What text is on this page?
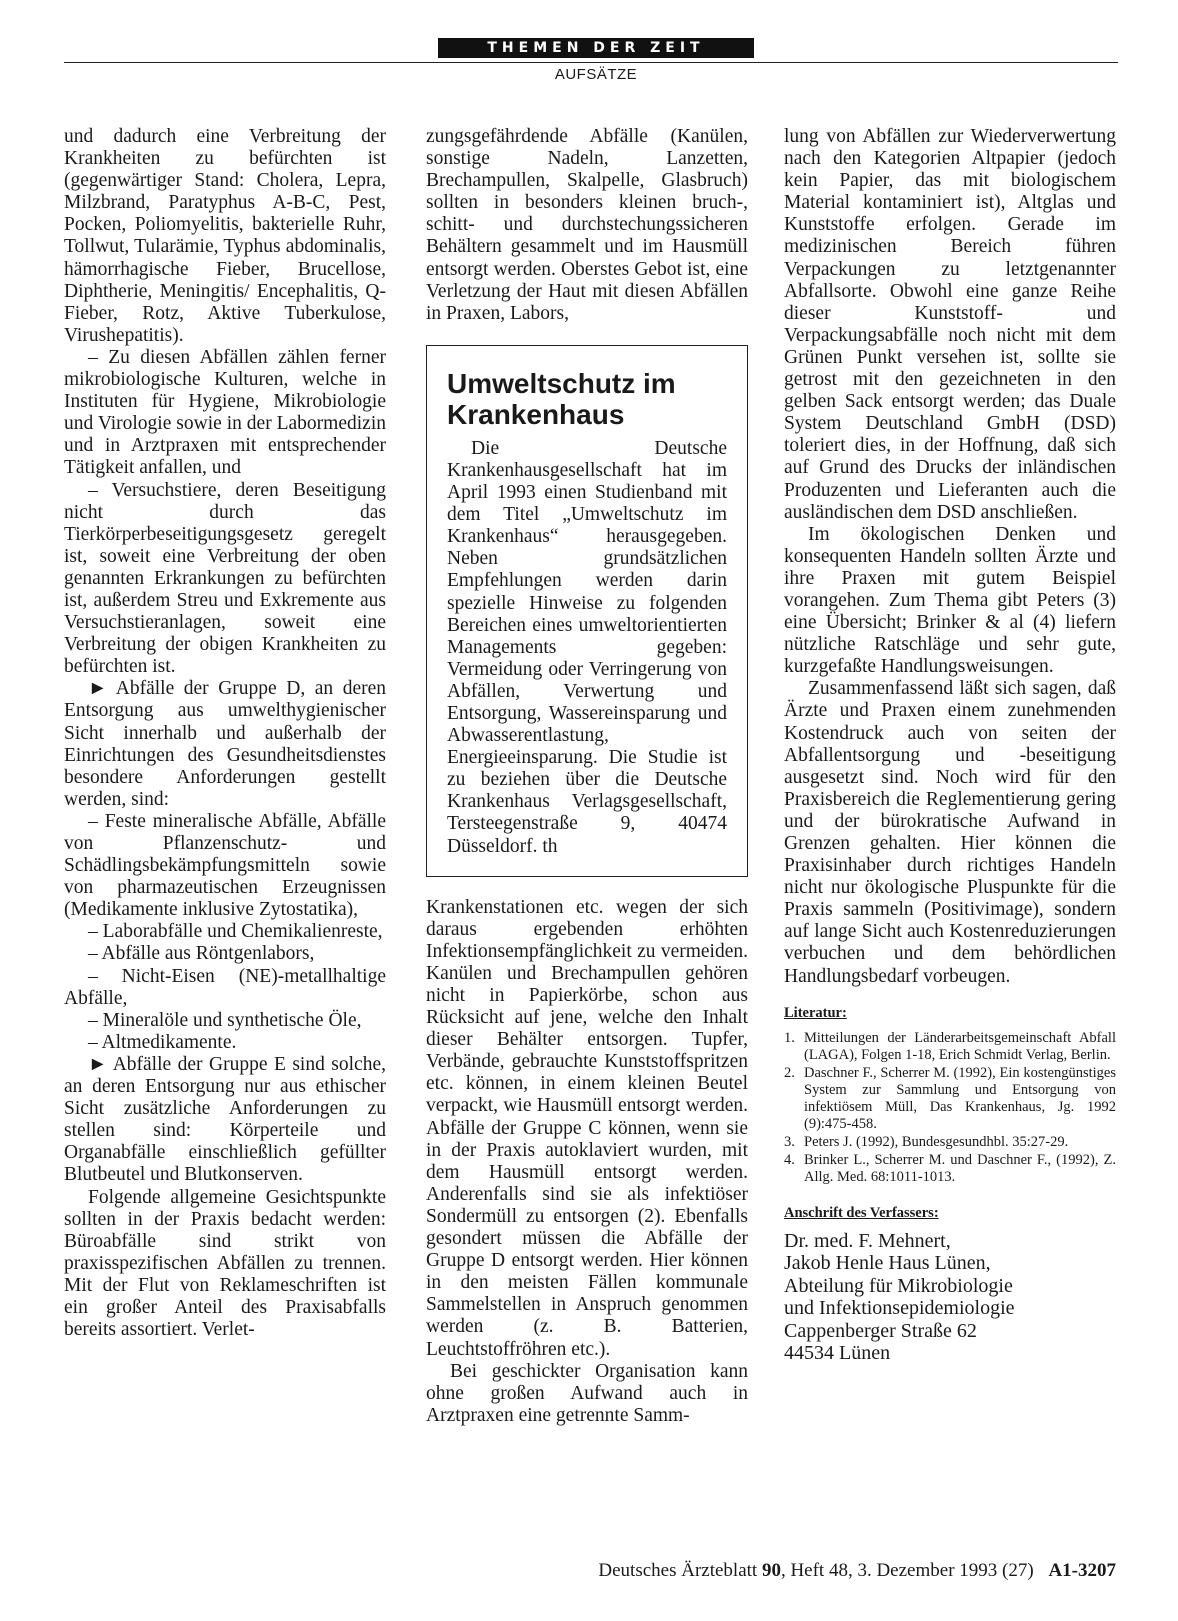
THEMEN DER ZEIT
AUFSÄTZE

und dadurch eine Verbreitung der Krankheiten zu befürchten ist (gegenwärtiger Stand: Cholera, Lepra, Milzbrand, Paratyphus A-B-C, Pest, Pocken, Poliomyelitis, bakterielle Ruhr, Tollwut, Tularämie, Typhus abdominalis, hämorrhagische Fieber, Brucellose, Diphtherie, Meningitis/ Encephalitis, Q-Fieber, Rotz, Aktive Tuberkulose, Virushepatitis).

– Zu diesen Abfällen zählen ferner mikrobiologische Kulturen, welche in Instituten für Hygiene, Mikrobiologie und Virologie sowie in der Labormedizin und in Arztpraxen mit entsprechender Tätigkeit anfallen, und

– Versuchstiere, deren Beseitigung nicht durch das Tierkörperbeseitigungsgesetz geregelt ist, soweit eine Verbreitung der oben genannten Erkrankungen zu befürchten ist, außerdem Streu und Exkremente aus Versuchstieranlagen, soweit eine Verbreitung der obigen Krankheiten zu befürchten ist.

► Abfälle der Gruppe D, an deren Entsorgung aus umwelthygienischer Sicht innerhalb und außerhalb der Einrichtungen des Gesundheitsdienstes besondere Anforderungen gestellt werden, sind:

– Feste mineralische Abfälle, Abfälle von Pflanzenschutz- und Schädlingsbekämpfungsmitteln sowie von pharmazeutischen Erzeugnissen (Medikamente inklusive Zytostatika),

– Laborabfälle und Chemikalienreste,

– Abfälle aus Röntgenlabors,

– Nicht-Eisen (NE)-metallhaltige Abfälle,

– Mineralöle und synthetische Öle,

– Altmedikamente.

► Abfälle der Gruppe E sind solche, an deren Entsorgung nur aus ethischer Sicht zusätzliche Anforderungen zu stellen sind: Körperteile und Organabfälle einschließlich gefüllter Blutbeutel und Blutkonserven.

Folgende allgemeine Gesichtspunkte sollten in der Praxis bedacht werden: Büroabfälle sind strikt von praxisspezifischen Abfällen zu trennen. Mit der Flut von Reklameschriften ist ein großer Anteil des Praxisabfalls bereits assortiert. Verlet-

zungsgefährdende Abfälle (Kanülen, sonstige Nadeln, Lanzetten, Brechampullen, Skalpelle, Glasbruch) sollten in besonders kleinen bruch-, schitt- und durchstechungssicheren Behältern gesammelt und im Hausmüll entsorgt werden. Oberstes Gebot ist, eine Verletzung der Haut mit diesen Abfällen in Praxen, Labors,

Umweltschutz im Krankenhaus

Die Deutsche Krankenhausgesellschaft hat im April 1993 einen Studienband mit dem Titel „Umweltschutz im Krankenhaus“ herausgegeben. Neben grundsätzlichen Empfehlungen werden darin spezielle Hinweise zu folgenden Bereichen eines umweltorientierten Managements gegeben: Vermeidung oder Verringerung von Abfällen, Verwertung und Entsorgung, Wassereinsparung und Abwasserentlastung, Energieeinsparung. Die Studie ist zu beziehen über die Deutsche Krankenhaus Verlagsgesellschaft, Tersteegenstraße 9, 40474 Düsseldorf. th

Krankenstationen etc. wegen der sich daraus ergebenden erhöhten Infektionsempfänglichkeit zu vermeiden. Kanülen und Brechampullen gehören nicht in Papierkörbe, schon aus Rücksicht auf jene, welche den Inhalt dieser Behälter entsorgen. Tupfer, Verbände, gebrauchte Kunststoffspritzen etc. können, in einem kleinen Beutel verpackt, wie Hausmüll entsorgt werden. Abfälle der Gruppe C können, wenn sie in der Praxis autoklaviert wurden, mit dem Hausmüll entsorgt werden. Anderenfalls sind sie als infektiöser Sondermüll zu entsorgen (2). Ebenfalls gesondert müssen die Abfälle der Gruppe D entsorgt werden. Hier können in den meisten Fällen kommunale Sammelstellen in Anspruch genommen werden (z. B. Batterien, Leuchtstoffröhren etc.).

Bei geschickter Organisation kann ohne großen Aufwand auch in Arztpraxen eine getrennte Samm-

lung von Abfällen zur Wiederverwertung nach den Kategorien Altpapier (jedoch kein Papier, das mit biologischem Material kontaminiert ist), Altglas und Kunststoffe erfolgen. Gerade im medizinischen Bereich führen Verpackungen zu letztgenannter Abfallsorte. Obwohl eine ganze Reihe dieser Kunststoff- und Verpackungsabfälle noch nicht mit dem Grünen Punkt versehen ist, sollte sie getrost mit den gezeichneten in den gelben Sack entsorgt werden; das Duale System Deutschland GmbH (DSD) toleriert dies, in der Hoffnung, daß sich auf Grund des Drucks der inländischen Produzenten und Lieferanten auch die ausländischen dem DSD anschließen.

Im ökologischen Denken und konsequenten Handeln sollten Ärzte und ihre Praxen mit gutem Beispiel vorangehen. Zum Thema gibt Peters (3) eine Übersicht; Brinker & al (4) liefern nützliche Ratschläge und sehr gute, kurzgefaßte Handlungsweisungen.

Zusammenfassend läßt sich sagen, daß Ärzte und Praxen einem zunehmenden Kostendruck auch von seiten der Abfallentsorgung und -beseitigung ausgesetzt sind. Noch wird für den Praxisbereich die Reglementierung gering und der bürokratische Aufwand in Grenzen gehalten. Hier können die Praxisinhaber durch richtiges Handeln nicht nur ökologische Pluspunkte für die Praxis sammeln (Positivimage), sondern auf lange Sicht auch Kostenreduzierungen verbuchen und dem behördlichen Handlungsbedarf vorbeugen.

Literatur:
1. Mitteilungen der Länderarbeitsgemeinschaft Abfall (LAGA), Folgen 1-18, Erich Schmidt Verlag, Berlin.
2. Daschner F., Scherrer M. (1992), Ein kostengünstiges System zur Sammlung und Entsorgung von infektiösem Müll, Das Krankenhaus, Jg. 1992 (9):475-458.
3. Peters J. (1992), Bundesgesundhbl. 35:27-29.
4. Brinker L., Scherrer M. und Daschner F., (1992), Z. Allg. Med. 68:1011-1013.
Anschrift des Verfassers:
Dr. med. F. Mehnert,
Jakob Henle Haus Lünen,
Abteilung für Mikrobiologie
und Infektionsepidemiologie
Cappenberger Straße 62
44534 Lünen
Deutsches Ärzteblatt 90, Heft 48, 3. Dezember 1993 (27) A1-3207
